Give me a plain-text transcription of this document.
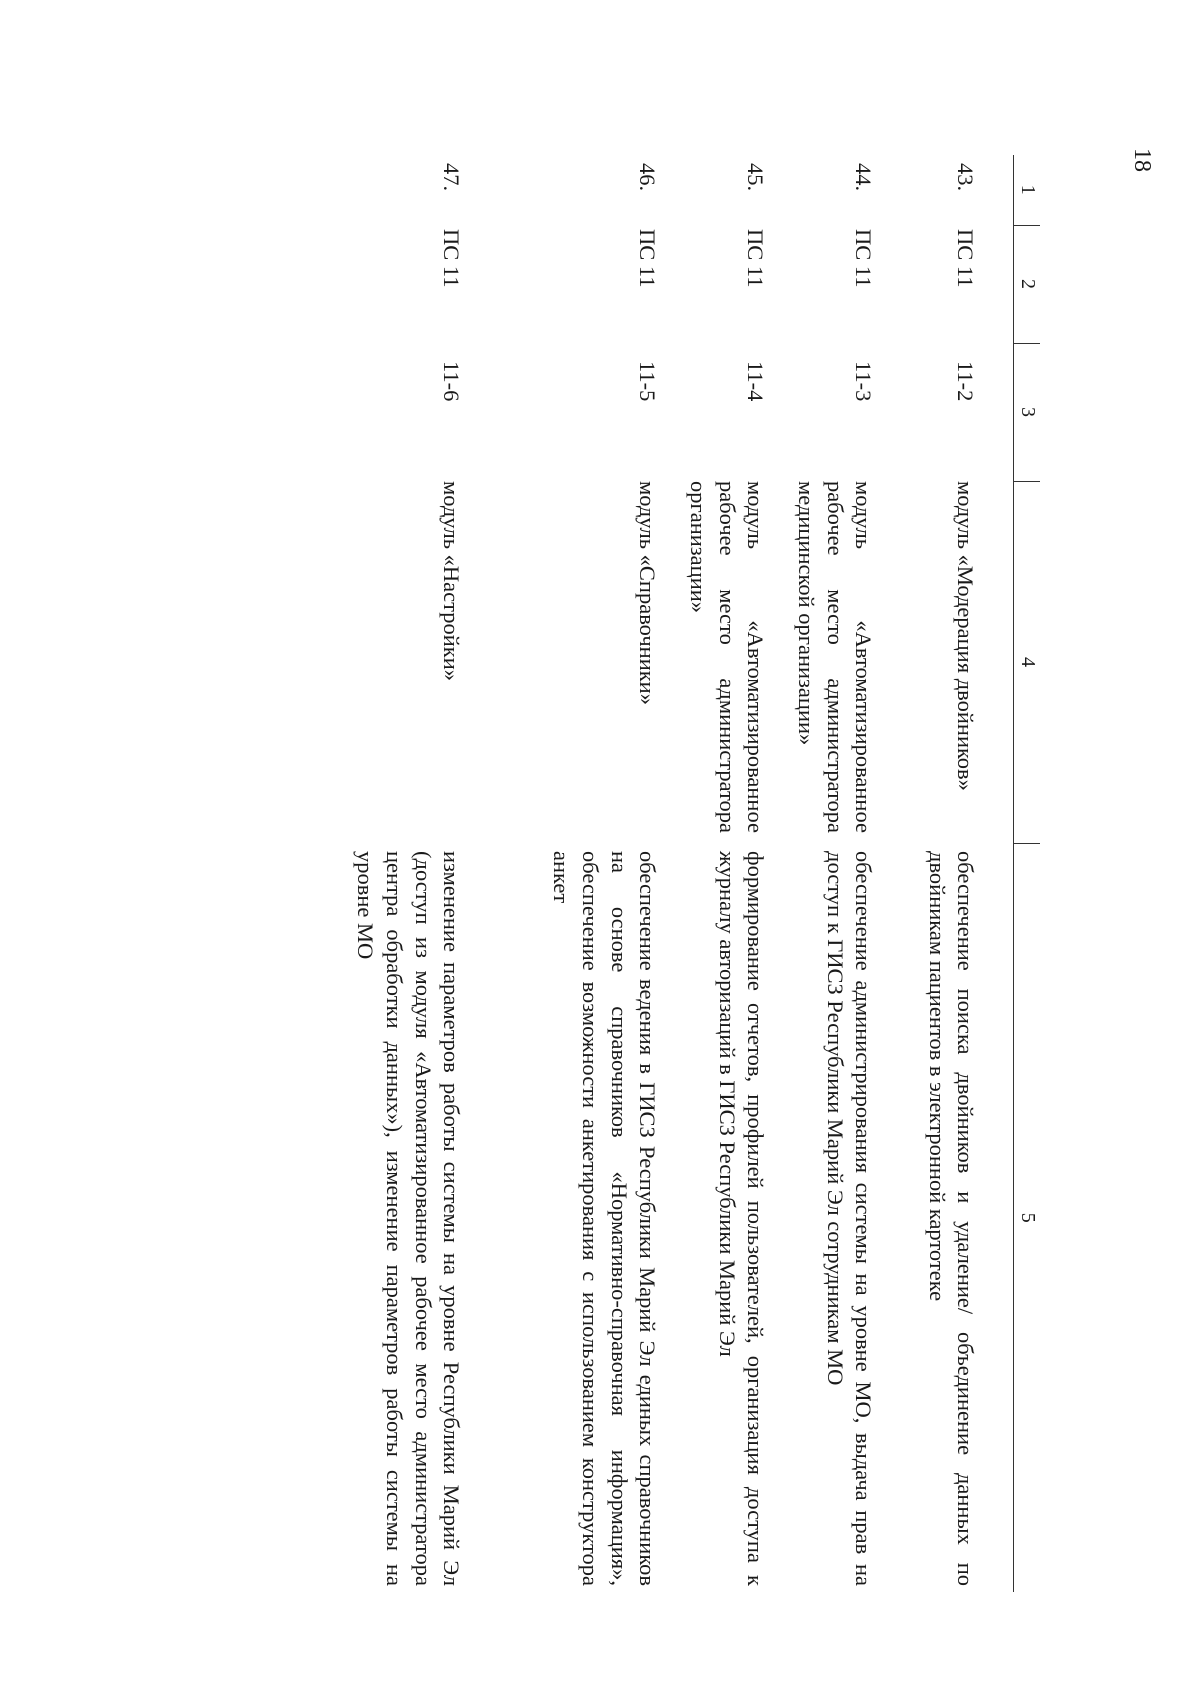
18
1	2	3	4	5
43.	ПС 11	11-2	модуль «Модерация двойников»	обеспечение поиска двойников и удаление/ объединение данных по двойникам пациентов в электронной картотеке
44.	ПС 11	11-3	модуль «Автоматизированное рабочее место администратора медицинской организации»	обеспечение администрирования системы на уровне МО, выдача прав на доступ к ГИСЗ Республики Марий Эл сотрудникам МО
45.	ПС 11	11-4	модуль «Автоматизированное рабочее место администратора организации»	формирование отчетов, профилей пользователей, организация доступа к журналу авторизаций в ГИСЗ Республики Марий Эл
46.	ПС 11	11-5	модуль «Справочники»	обеспечение ведения в ГИСЗ Республики Марий Эл единых справочников на основе справочников «Нормативно-справочная информация», обеспечение возможности анкетирования с использованием конструктора анкет
47.	ПС 11	11-6	модуль «Настройки»	изменение параметров работы системы на уровне Республики Марий Эл (доступ из модуля «Автоматизированное рабочее место администратора центра обработки данных»), изменение параметров работы системы на уровне МО
